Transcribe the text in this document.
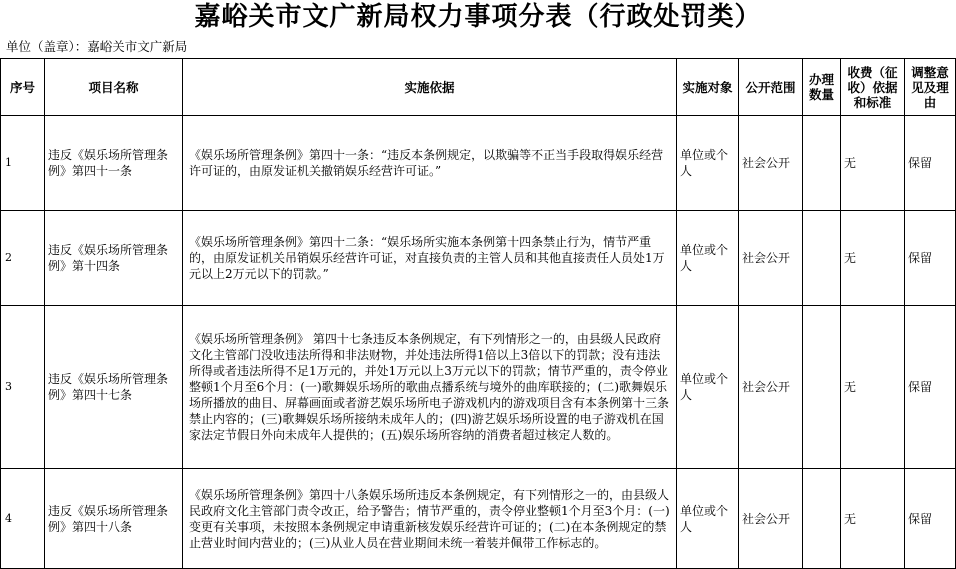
嘉峪关市文广新局权力事项分表（行政处罚类）
单位（盖章）：嘉峪关市文广新局
序号	项目名称	实施依据	实施对象	公开范围	办理数量	收费（征收）依据和标准	调整意见及理由
1	违反《娱乐场所管理条例》第四十一条	《娱乐场所管理条例》第四十一条：“违反本条例规定，以欺骗等不正当手段取得娱乐经营许可证的，由原发证机关撤销娱乐经营许可证。”	单位或个人	社会公开		无	保留
2	违反《娱乐场所管理条例》第十四条	《娱乐场所管理条例》第四十二条：“娱乐场所实施本条例第十四条禁止行为，情节严重的，由原发证机关吊销娱乐经营许可证，对直接负责的主管人员和其他直接责任人员处1万元以上2万元以下的罚款。”	单位或个人	社会公开		无	保留
3	违反《娱乐场所管理条例》第四十七条	《娱乐场所管理条例》 第四十七条违反本条例规定，有下列情形之一的，由县级人民政府文化主管部门没收违法所得和非法财物，并处违法所得1倍以上3倍以下的罚款；没有违法所得或者违法所得不足1万元的，并处1万元以上3万元以下的罚款；情节严重的，责令停业整顿1个月至6个月：(一)歌舞娱乐场所的歌曲点播系统与境外的曲库联接的；(二)歌舞娱乐场所播放的曲目、屏幕画面或者游艺娱乐场所电子游戏机内的游戏项目含有本条例第十三条禁止内容的；(三)歌舞娱乐场所接纳未成年人的；(四)游艺娱乐场所设置的电子游戏机在国家法定节假日外向未成年人提供的；(五)娱乐场所容纳的消费者超过核定人数的。	单位或个人	社会公开		无	保留
4	违反《娱乐场所管理条例》第四十八条	《娱乐场所管理条例》第四十八条娱乐场所违反本条例规定，有下列情形之一的，由县级人民政府文化主管部门责令改正，给予警告；情节严重的，责令停业整顿1个月至3个月：(一)变更有关事项，未按照本条例规定申请重新核发娱乐经营许可证的；(二)在本条例规定的禁止营业时间内营业的；(三)从业人员在营业期间未统一着装并佩带工作标志的。	单位或个人	社会公开		无	保留
